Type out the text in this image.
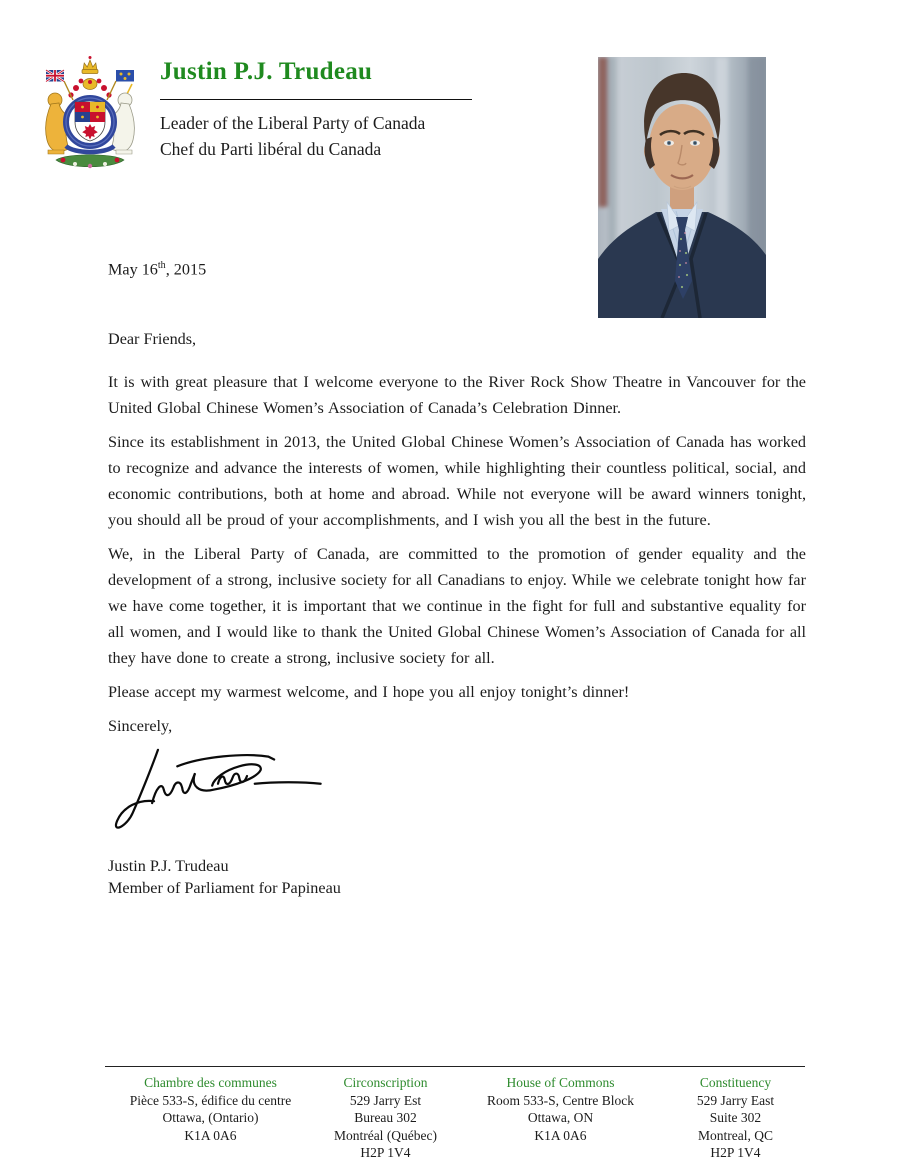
Justin P.J. Trudeau
Leader of the Liberal Party of Canada
Chef du Parti libéral du Canada
May 16th, 2015
Dear Friends,

It is with great pleasure that I welcome everyone to the River Rock Show Theatre in Vancouver for the United Global Chinese Women’s Association of Canada’s Celebration Dinner.

Since its establishment in 2013, the United Global Chinese Women’s Association of Canada has worked to recognize and advance the interests of women, while highlighting their countless political, social, and economic contributions, both at home and abroad. While not everyone will be award winners tonight, you should all be proud of your accomplishments, and I wish you all the best in the future.

We, in the Liberal Party of Canada, are committed to the promotion of gender equality and the development of a strong, inclusive society for all Canadians to enjoy. While we celebrate tonight how far we have come together, it is important that we continue in the fight for full and substantive equality for all women, and I would like to thank the United Global Chinese Women’s Association of Canada for all they have done to create a strong, inclusive society for all.

Please accept my warmest welcome, and I hope you all enjoy tonight’s dinner!

Sincerely,
Justin P.J. Trudeau
Member of Parliament for Papineau
Chambre des communes
Pièce 533-S, édifice du centre
Ottawa, (Ontario)
K1A 0A6
Circonscription
529 Jarry Est
Bureau 302
Montréal (Québec)
H2P 1V4
House of Commons
Room 533-S, Centre Block
Ottawa, ON
K1A 0A6
Constituency
529 Jarry East
Suite 302
Montreal, QC
H2P 1V4
